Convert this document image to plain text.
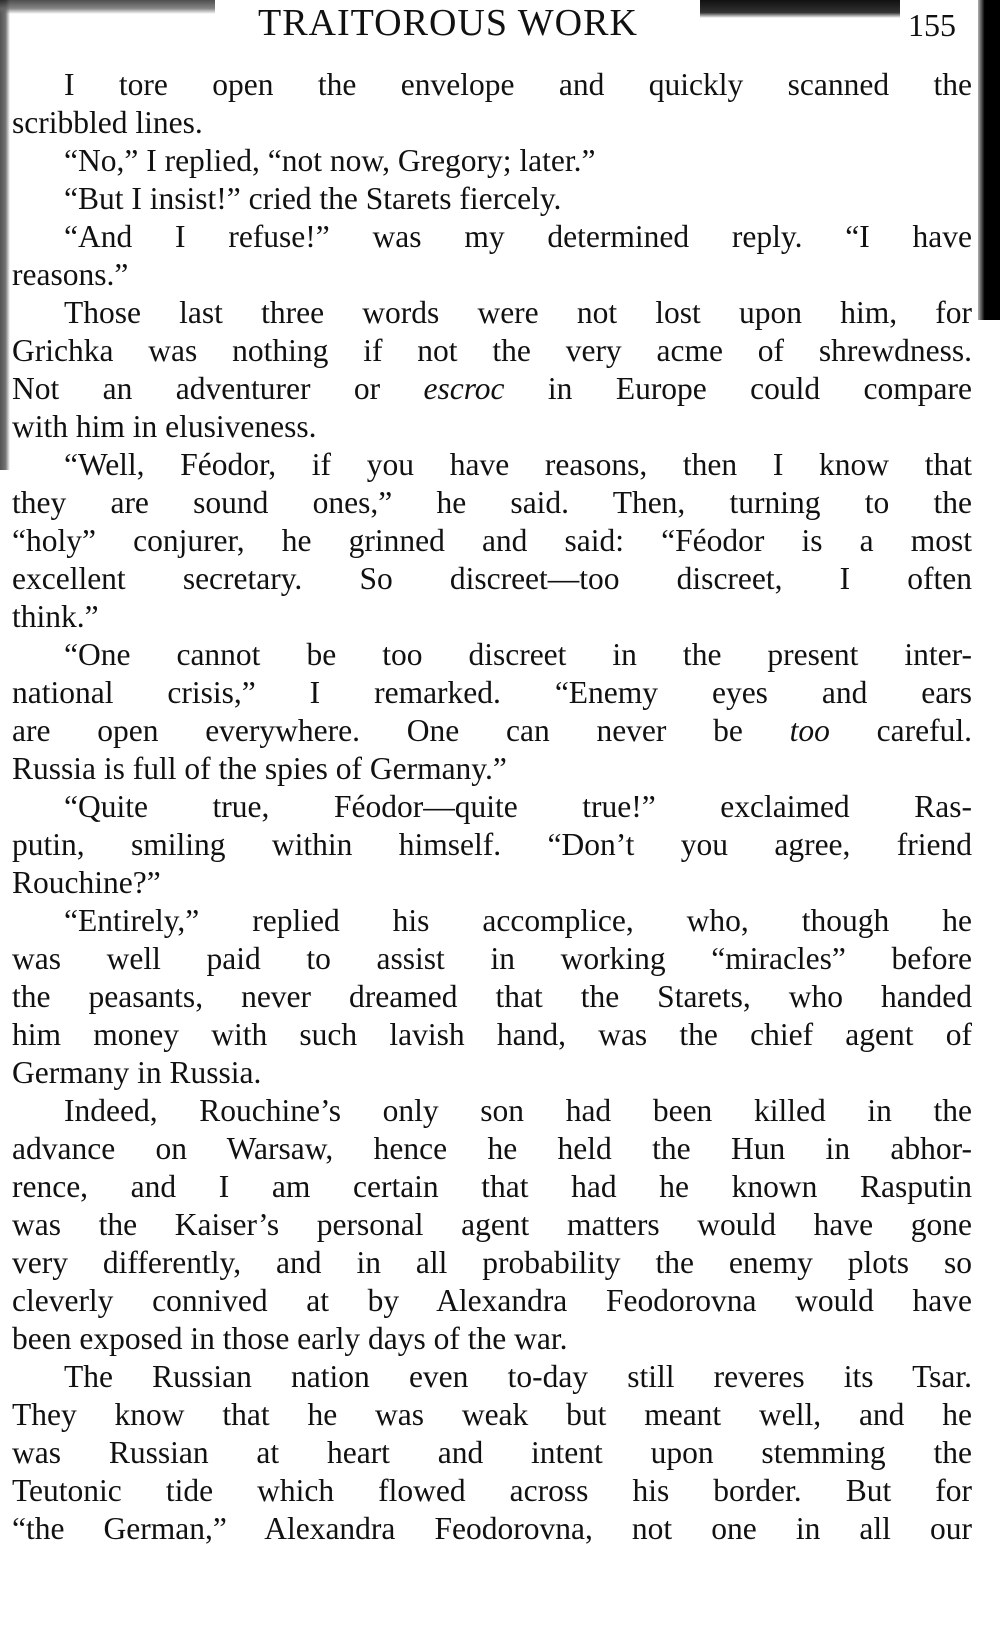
TRAITOROUS WORK	155
I tore open the envelope and quickly scanned the
scribbled lines.
“No,” I replied, “not now, Gregory; later.”
“But I insist!” cried the Starets fiercely.
“And I refuse!” was my determined reply. “I have
reasons.”
Those last three words were not lost upon him, for
Grichka was nothing if not the very acme of shrewdness.
Not an adventurer or escroc in Europe could compare
with him in elusiveness.
“Well, Féodor, if you have reasons, then I know that
they are sound ones,” he said. Then, turning to the
“holy” conjurer, he grinned and said: “Féodor is a most
excellent secretary. So discreet—too discreet, I often
think.”
“One cannot be too discreet in the present inter-
national crisis,” I remarked. “Enemy eyes and ears
are open everywhere. One can never be too careful.
Russia is full of the spies of Germany.”
“Quite true, Féodor—quite true!” exclaimed Ras-
putin, smiling within himself. “Don’t you agree, friend
Rouchine?”
“Entirely,” replied his accomplice, who, though he
was well paid to assist in working “miracles” before
the peasants, never dreamed that the Starets, who handed
him money with such lavish hand, was the chief agent of
Germany in Russia.
Indeed, Rouchine’s only son had been killed in the
advance on Warsaw, hence he held the Hun in abhor-
rence, and I am certain that had he known Rasputin
was the Kaiser’s personal agent matters would have gone
very differently, and in all probability the enemy plots so
cleverly connived at by Alexandra Feodorovna would have
been exposed in those early days of the war.
The Russian nation even to-day still reveres its Tsar.
They know that he was weak but meant well, and he
was Russian at heart and intent upon stemming the
Teutonic tide which flowed across his border. But for
“the German,” Alexandra Feodorovna, not one in all our
